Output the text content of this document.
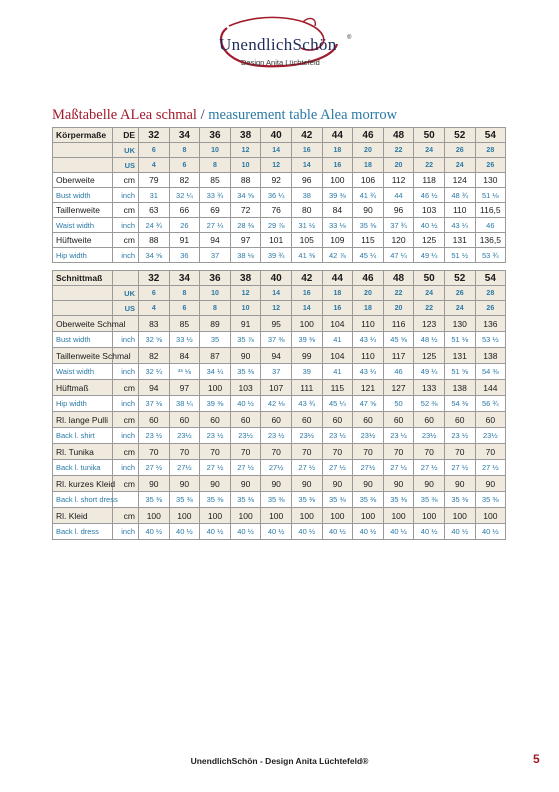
UnendlichSchön ®
Design Anita Lüchtefeld
Maßtabelle ALea schmal / measurement table Alea morrow
Körpermaße	DE	32	34	36	38	40	42	44	46	48	50	52	54
	UK	6	8	10	12	14	16	18	20	22	24	26	28
	US	4	6	8	10	12	14	16	18	20	22	24	26
Oberweite	cm	79	82	85	88	92	96	100	106	112	118	124	130
Bust width	inch	31	32 ¼	33 ¾	34 ⅝	36 ¼	38	39 ⅜	41 ¾	44	46 ½	48 ¾	51 ⅛
Taillenweite	cm	63	66	69	72	76	80	84	90	96	103	110	116,5
Waist width	inch	24 ¾	26	27 ¼	28 ⅜	29 ⅞	31 ½	33 ⅛	35 ⅜	37 ¾	40 ½	43 ¼	46
Hüftweite	cm	88	91	94	97	101	105	109	115	120	125	131	136,5
Hip width	inch	34 ⅝	36	37	38 ⅛	39 ¾	41 ⅜	42 ⅞	45 ¼	47 ¼	49 ¼	51 ½	53 ¾
Schnittmaß		32	34	36	38	40	42	44	46	48	50	52	54
	UK	6	8	10	12	14	16	18	20	22	24	26	28
	US	4	6	8	10	12	14	16	18	20	22	24	26
Oberweite Schmal		83	85	89	91	95	100	104	110	116	123	130	136
Bust width	inch	32 ⅝	33 ½	35	35 ⅞	37 ⅜	39 ⅜	41	43 ¼	45 ⅝	48 ½	51 ⅛	53 ½
Taillenweite Schmal		82	84	87	90	94	99	104	110	117	125	131	138
Waist width	inch	32 ¼	³³ ⅛	34 ¼	35 ⅜	37	39	41	43 ¼	46	49 ¼	51 ⅝	54 ⅜
Hüftmaß	cm	94	97	100	103	107	111	115	121	127	133	138	144
Hip width	inch	37 ⅛	38 ¼	39 ⅜	40 ½	42 ⅛	43 ¾	45 ¼	47 ⅝	50	52 ⅜	54 ⅜	56 ¾
Rl. lange Pulli	cm	60	60	60	60	60	60	60	60	60	60	60	60
Back l. shirt	inch	23 ½	23½	23 ½	23½	23 ½	23½	23 ½	23½	23 ½	23½	23 ½	23½
Rl. Tunika	cm	70	70	70	70	70	70	70	70	70	70	70	70
Back l. tunika	inch	27 ½	27½	27 ½	27 ½	27½	27 ½	27 ½	27½	27 ½	27 ½	27 ½	27 ½
Rl. kurzes Kleid	cm	90	90	90	90	90	90	90	90	90	90	90	90
Back l. short dress		35 ⅜	35 ⅜	35 ⅜	35 ⅜	35 ⅜	35 ⅜	35 ⅜	35 ⅜	35 ⅜	35 ⅜	35 ⅜	35 ⅜
Rl. Kleid	cm	100	100	100	100	100	100	100	100	100	100	100	100
Back l. dress	inch	40 ½	40 ½	40 ½	40 ½	40 ½	40 ½	40 ½	40 ½	40 ½	40 ½	40 ½	40 ½
UnendlichSchön - Design Anita Lüchtefeld®	5
